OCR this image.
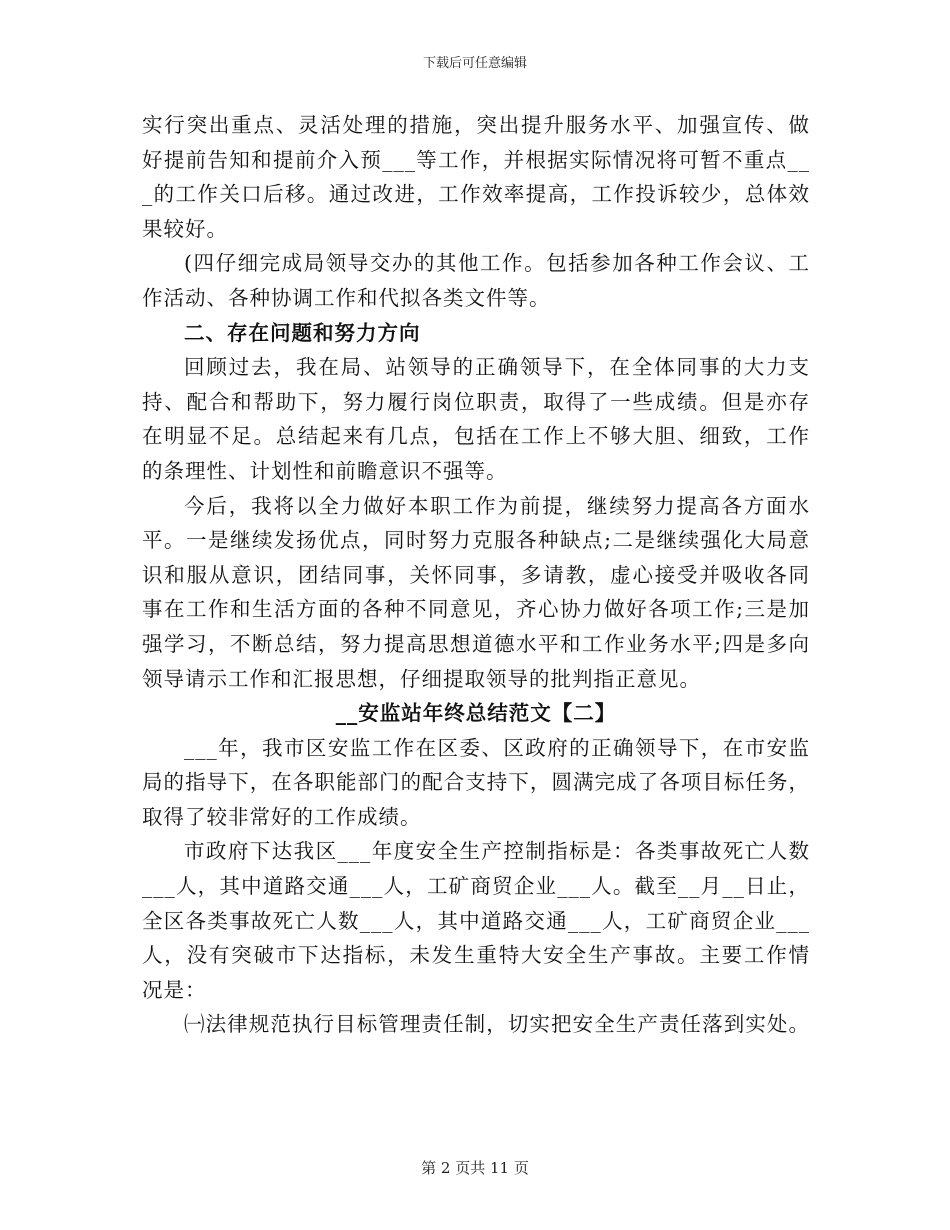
下载后可任意编辑
实行突出重点、灵活处理的措施，突出提升服务水平、加强宣传、做
好提前告知和提前介入预___等工作，并根据实际情况将可暂不重点__
_的工作关口后移。通过改进，工作效率提高，工作投诉较少，总体效
果较好。
(四仔细完成局领导交办的其他工作。包括参加各种工作会议、工
作活动、各种协调工作和代拟各类文件等。
二、存在问题和努力方向
回顾过去，我在局、站领导的正确领导下，在全体同事的大力支
持、配合和帮助下，努力履行岗位职责，取得了一些成绩。但是亦存
在明显不足。总结起来有几点，包括在工作上不够大胆、细致，工作
的条理性、计划性和前瞻意识不强等。
今后，我将以全力做好本职工作为前提，继续努力提高各方面水
平。一是继续发扬优点，同时努力克服各种缺点;二是继续强化大局意
识和服从意识，团结同事，关怀同事，多请教，虚心接受并吸收各同
事在工作和生活方面的各种不同意见，齐心协力做好各项工作;三是加
强学习，不断总结，努力提高思想道德水平和工作业务水平;四是多向
领导请示工作和汇报思想，仔细提取领导的批判指正意见。
__安监站年终总结范文【二】
___年，我市区安监工作在区委、区政府的正确领导下，在市安监
局的指导下，在各职能部门的配合支持下，圆满完成了各项目标任务，
取得了较非常好的工作成绩。
市政府下达我区___年度安全生产控制指标是：各类事故死亡人数
___人，其中道路交通___人，工矿商贸企业___人。截至__月__日止，
全区各类事故死亡人数___人，其中道路交通___人，工矿商贸企业___
人，没有突破市下达指标，未发生重特大安全生产事故。主要工作情
况是：
㈠法律规范执行目标管理责任制，切实把安全生产责任落到实处。
第 2 页共 11 页
